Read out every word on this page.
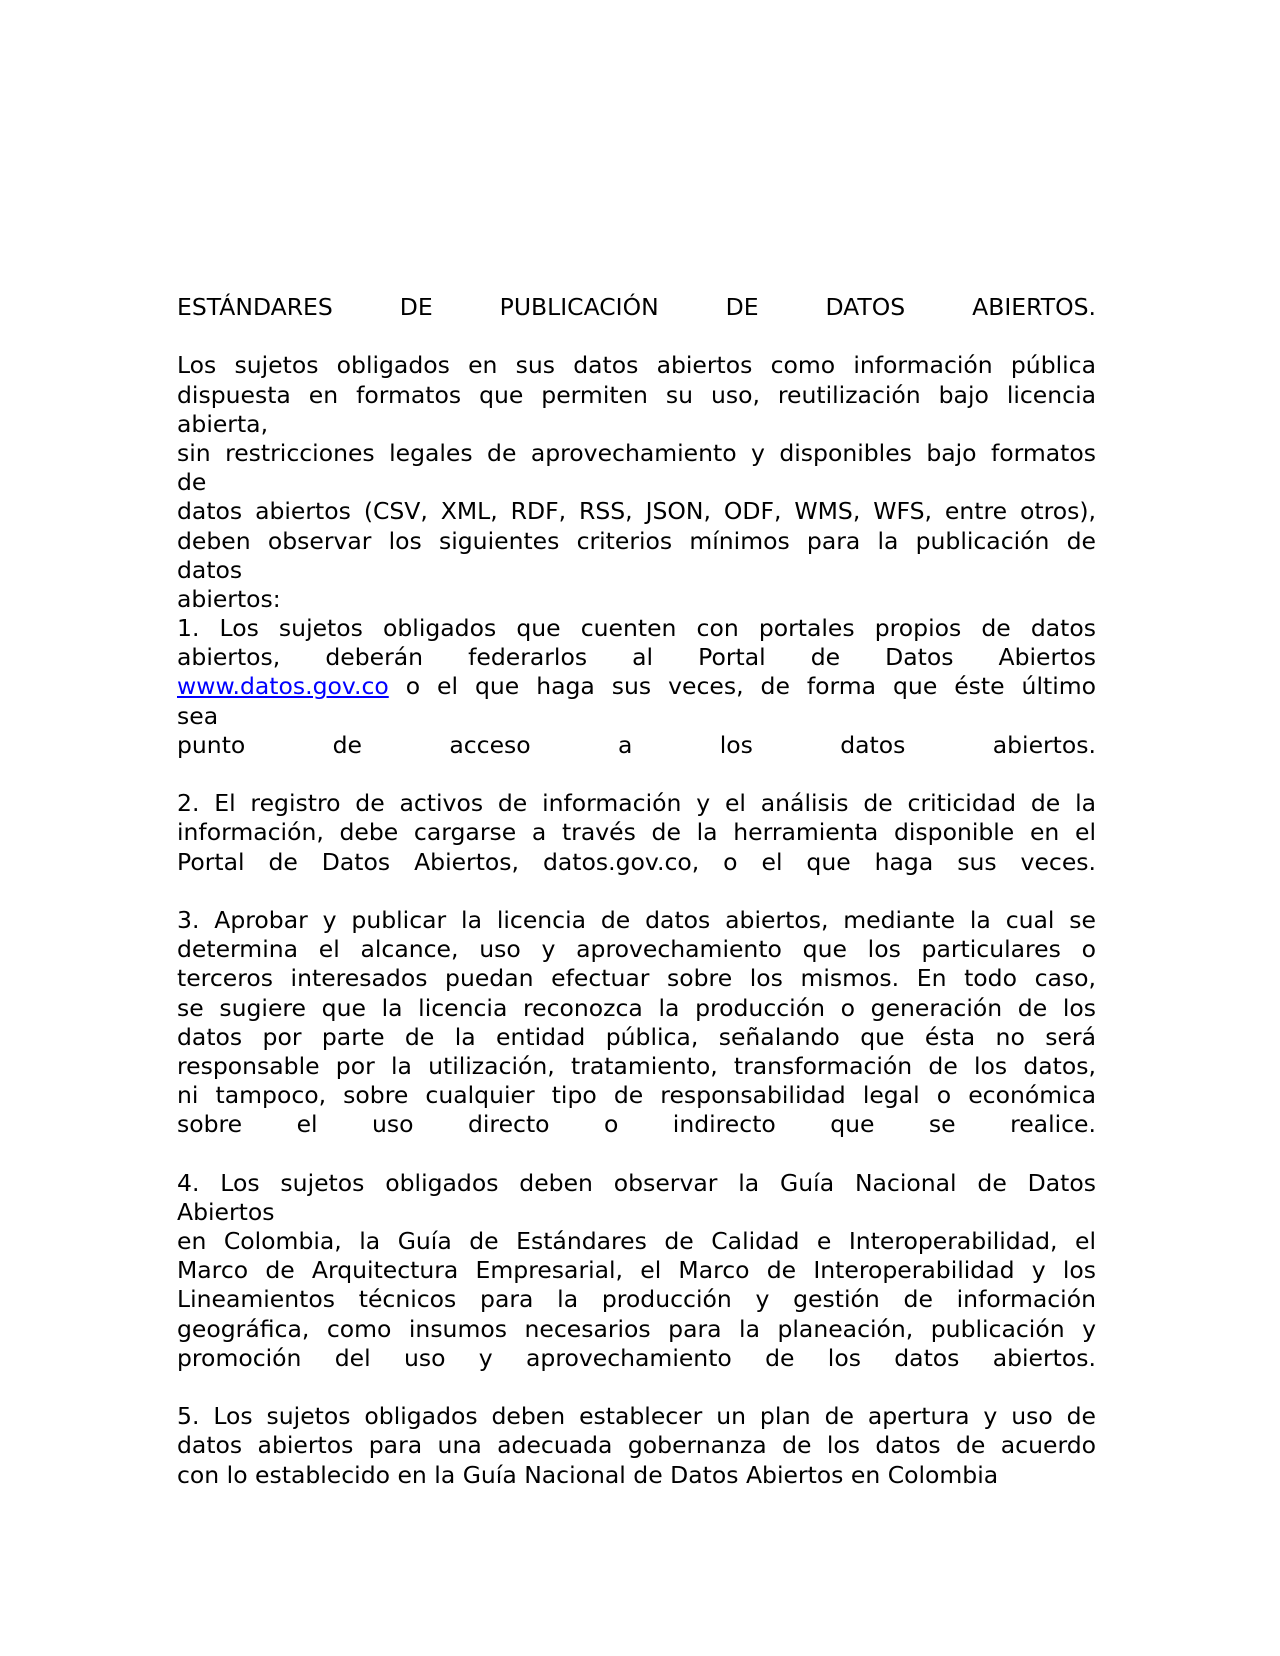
ESTÁNDARES DE PUBLICACIÓN DE DATOS ABIERTOS.
Los sujetos obligados en sus datos abiertos como información pública
dispuesta en formatos que permiten su uso, reutilización bajo licencia
abierta,
sin restricciones legales de aprovechamiento y disponibles bajo formatos
de
datos abiertos (CSV, XML, RDF, RSS, JSON, ODF, WMS, WFS, entre otros),
deben observar los siguientes criterios mínimos para la publicación de
datos
abiertos:
1. Los sujetos obligados que cuenten con portales propios de datos
abiertos, deberán federarlos al Portal de Datos Abiertos
www.datos.gov.co o el que haga sus veces, de forma que éste último
sea
punto de acceso a los datos abiertos.
2. El registro de activos de información y el análisis de criticidad de la
información, debe cargarse a través de la herramienta disponible en el
Portal de Datos Abiertos, datos.gov.co, o el que haga sus veces.
3. Aprobar y publicar la licencia de datos abiertos, mediante la cual se
determina el alcance, uso y aprovechamiento que los particulares o
terceros interesados puedan efectuar sobre los mismos. En todo caso,
se sugiere que la licencia reconozca la producción o generación de los
datos por parte de la entidad pública, señalando que ésta no será
responsable por la utilización, tratamiento, transformación de los datos,
ni tampoco, sobre cualquier tipo de responsabilidad legal o económica
sobre el uso directo o indirecto que se realice.
4. Los sujetos obligados deben observar la Guía Nacional de Datos
Abiertos
en Colombia, la Guía de Estándares de Calidad e Interoperabilidad, el
Marco de Arquitectura Empresarial, el Marco de Interoperabilidad y los
Lineamientos técnicos para la producción y gestión de información
geográfica, como insumos necesarios para la planeación, publicación y
promoción del uso y aprovechamiento de los datos abiertos.
5. Los sujetos obligados deben establecer un plan de apertura y uso de
datos abiertos para una adecuada gobernanza de los datos de acuerdo
con lo establecido en la Guía Nacional de Datos Abiertos en Colombia
